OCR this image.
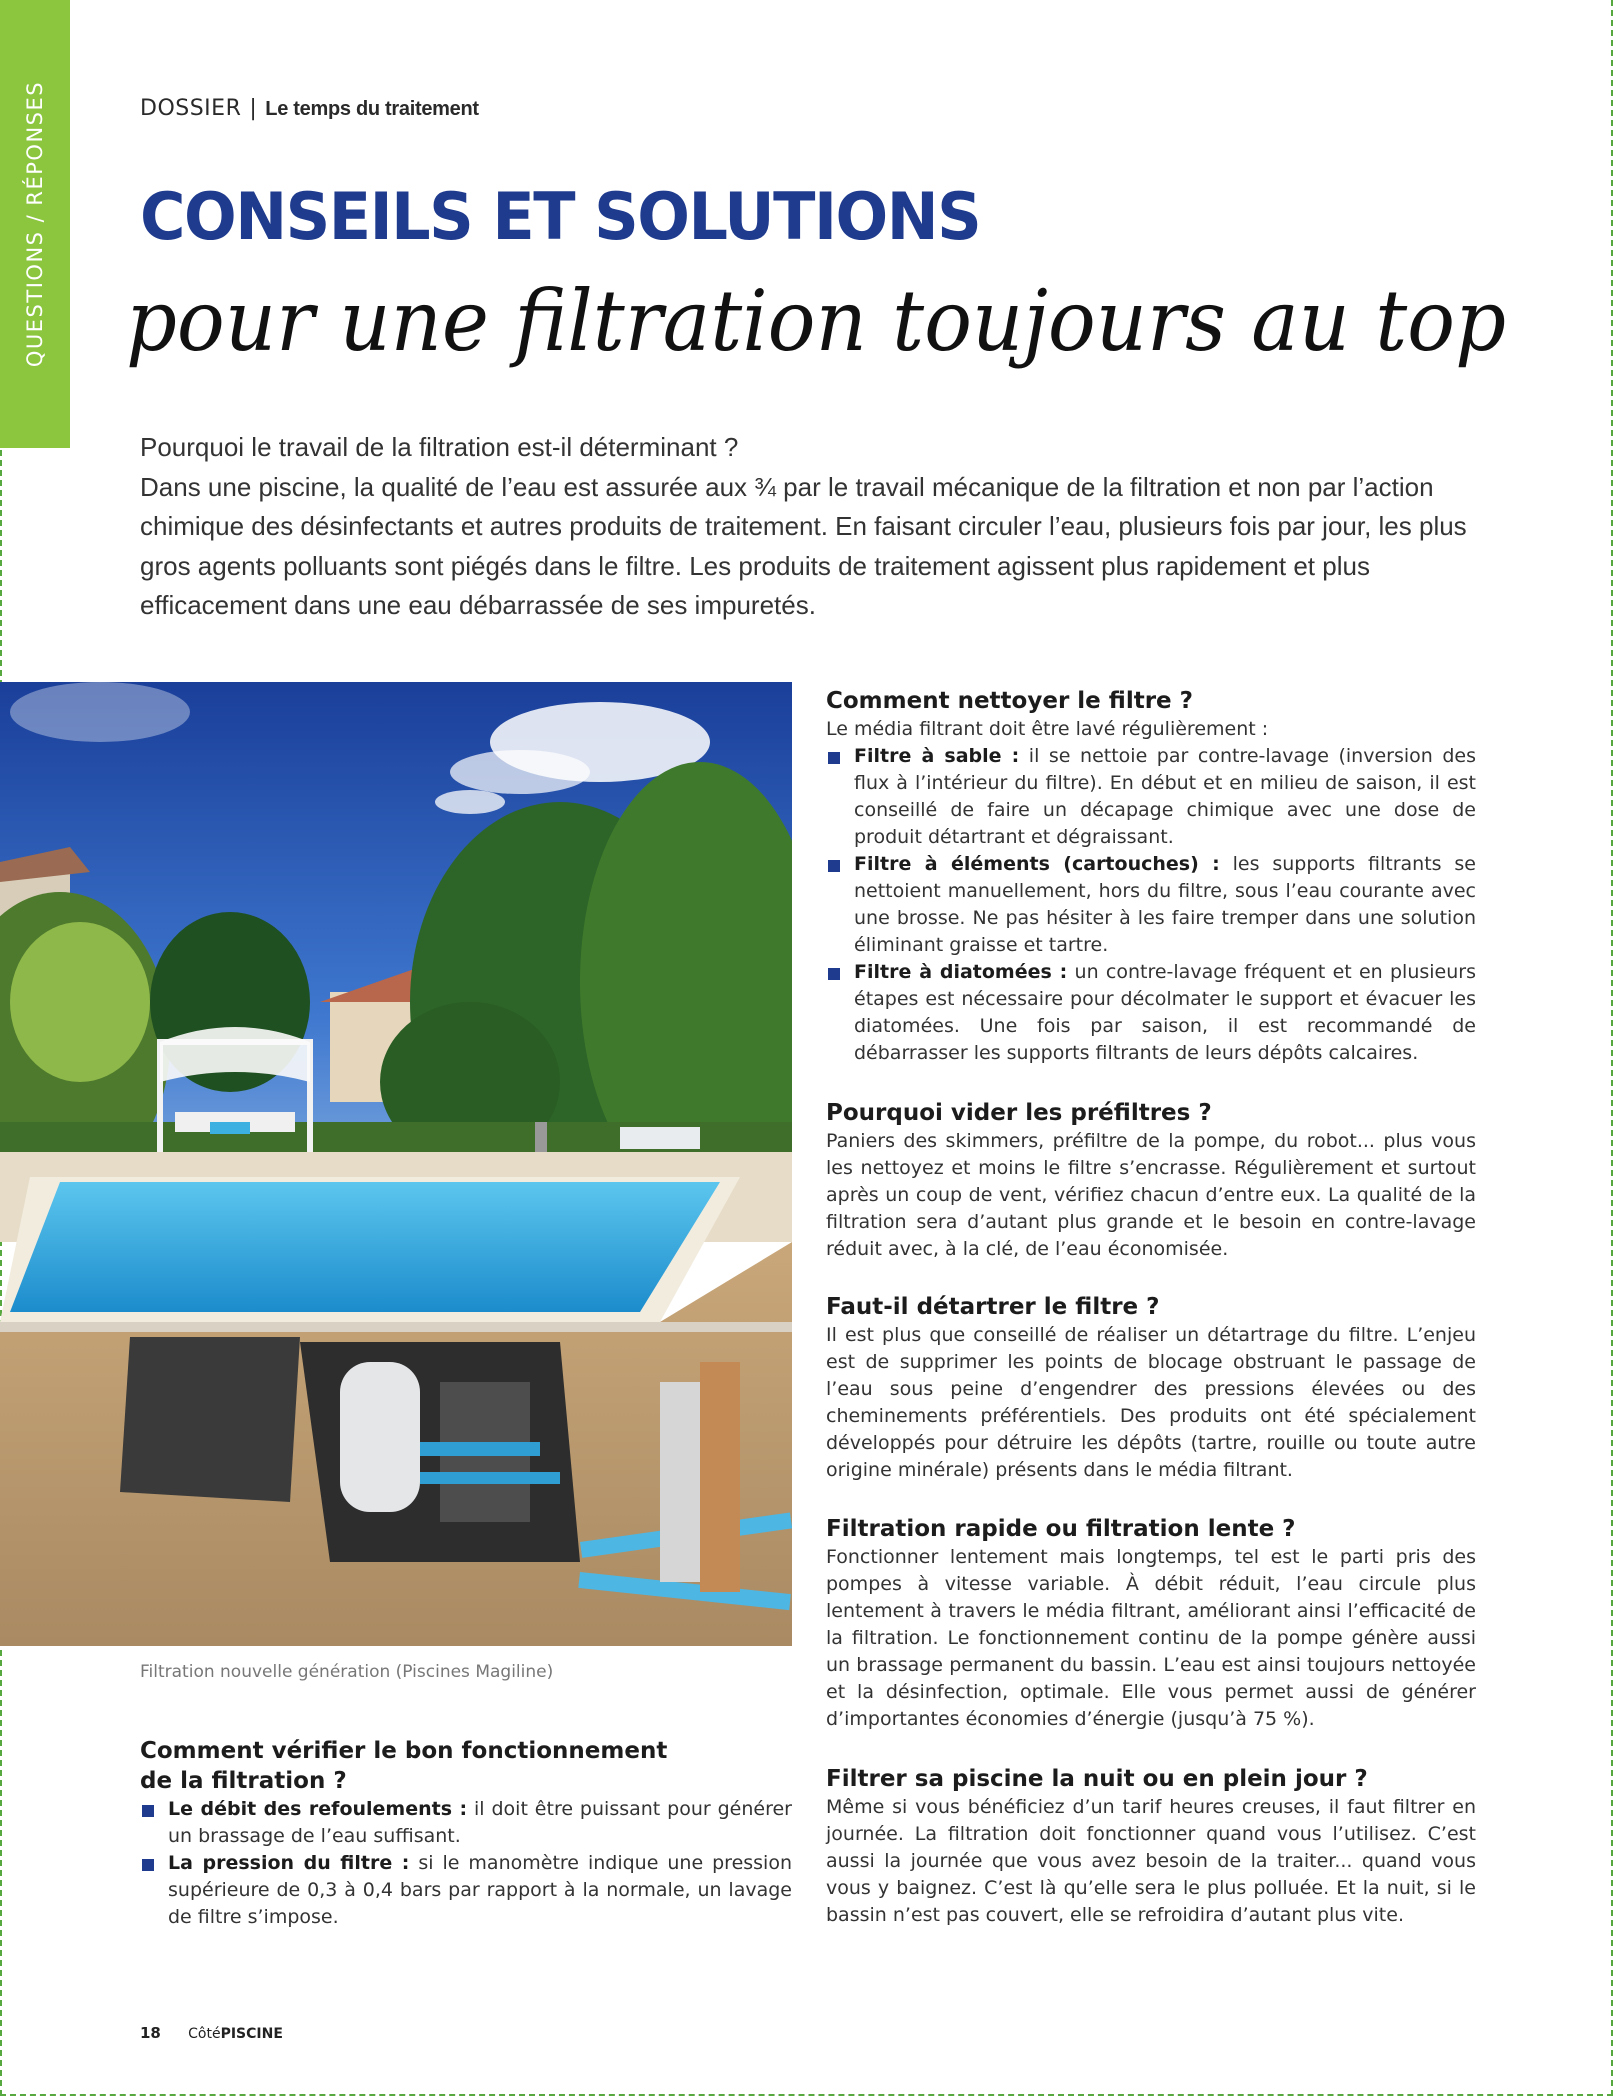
QUESTIONS / RÉPONSES	DOSSIER | Le temps du traitement
CONSEILS ET SOLUTIONS
pour une filtration toujours au top

Pourquoi le travail de la filtration est-il déterminant ?

Dans une piscine, la qualité de l’eau est assurée aux ¾ par le travail mécanique de la filtration et non par l’action chimique des désinfectants et autres produits de traitement. En faisant circuler l’eau, plusieurs fois par jour, les plus gros agents polluants sont piégés dans le filtre. Les produits de traitement agissent plus rapidement et plus efficacement dans une eau débarrassée de ses impuretés.

Filtration nouvelle génération (Piscines Magiline)
Comment nettoyer le filtre ?

Le média filtrant doit être lavé régulièrement :

Filtre à sable : il se nettoie par contre-lavage (inversion des flux à l’intérieur du filtre). En début et en milieu de saison, il est conseillé de faire un décapage chimique avec une dose de produit détartrant et dégraissant.
Filtre à éléments (cartouches) : les supports filtrants se nettoient manuellement, hors du filtre, sous l’eau courante avec une brosse. Ne pas hésiter à les faire tremper dans une solution éliminant graisse et tartre.
Filtre à diatomées : un contre-lavage fréquent et en plusieurs étapes est nécessaire pour décolmater le support et évacuer les diatomées. Une fois par saison, il est recommandé de débarrasser les supports filtrants de leurs dépôts calcaires.
Pourquoi vider les préfiltres ?

Paniers des skimmers, préfiltre de la pompe, du robot... plus vous les nettoyez et moins le filtre s’encrasse. Régulièrement et surtout après un coup de vent, vérifiez chacun d’entre eux. La qualité de la filtration sera d’autant plus grande et le besoin en contre-lavage réduit avec, à la clé, de l’eau économisée.

Faut-il détartrer le filtre ?

Il est plus que conseillé de réaliser un détartrage du filtre. L’enjeu est de supprimer les points de blocage obstruant le passage de l’eau sous peine d’engendrer des pressions élevées ou des cheminements préférentiels. Des produits ont été spécialement développés pour détruire les dépôts (tartre, rouille ou toute autre origine minérale) présents dans le média filtrant.

Filtration rapide ou filtration lente ?

Fonctionner lentement mais longtemps, tel est le parti pris des pompes à vitesse variable. À débit réduit, l’eau circule plus lentement à travers le média filtrant, améliorant ainsi l’efficacité de la filtration. Le fonctionnement continu de la pompe génère aussi un brassage permanent du bassin. L’eau est ainsi toujours nettoyée et la désinfection, optimale. Elle vous permet aussi de générer d’importantes économies d’énergie (jusqu’à 75 %).

Filtrer sa piscine la nuit ou en plein jour ?

Même si vous bénéficiez d’un tarif heures creuses, il faut filtrer en journée. La filtration doit fonctionner quand vous l’utilisez. C’est aussi la journée que vous avez besoin de la traiter... quand vous vous y baignez. C’est là qu’elle sera le plus polluée. Et la nuit, si le bassin n’est pas couvert, elle se refroidira d’autant plus vite.

Comment vérifier le bon fonctionnement
de la filtration ?
Le débit des refoulements : il doit être puissant pour générer un brassage de l’eau suffisant.
La pression du filtre : si le manomètre indique une pression supérieure de 0,3 à 0,4 bars par rapport à la normale, un lavage de filtre s’impose.
18 CôtéPISCINE
